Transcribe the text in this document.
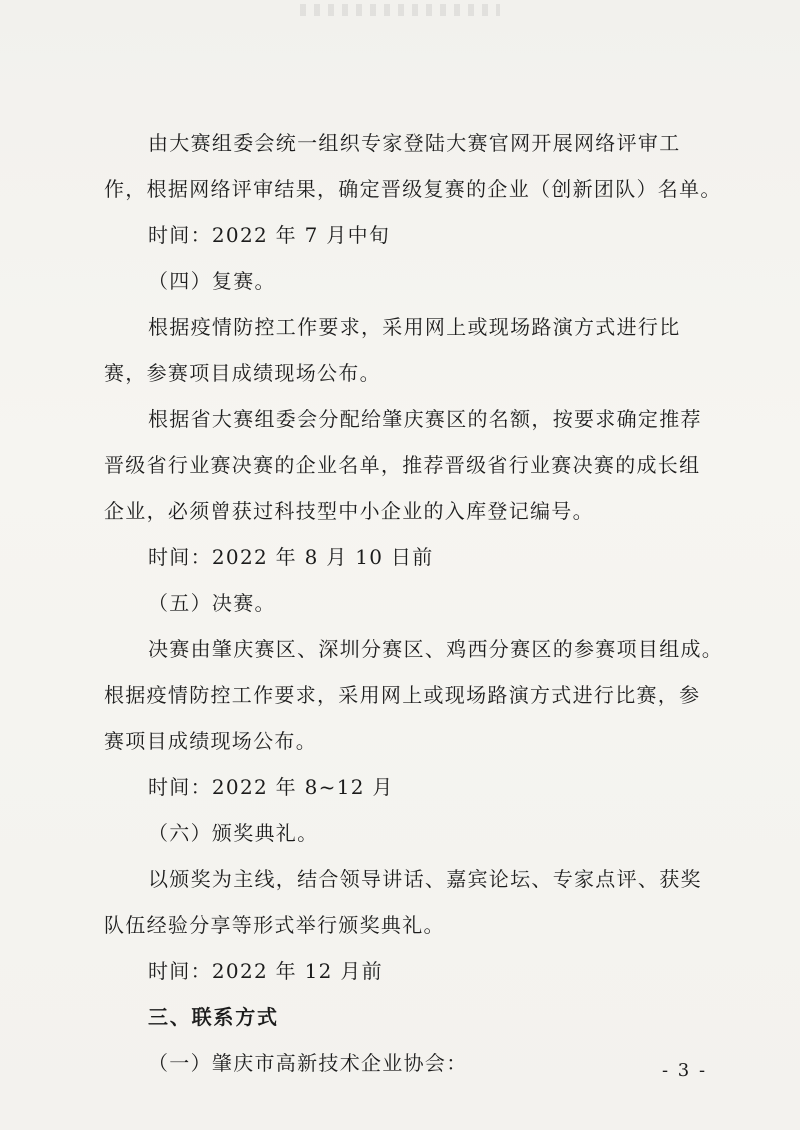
由大赛组委会统一组织专家登陆大赛官网开展网络评审工
作，根据网络评审结果，确定晋级复赛的企业（创新团队）名单。
时间：2022 年 7 月中旬
（四）复赛。
根据疫情防控工作要求，采用网上或现场路演方式进行比
赛，参赛项目成绩现场公布。
根据省大赛组委会分配给肇庆赛区的名额，按要求确定推荐
晋级省行业赛决赛的企业名单，推荐晋级省行业赛决赛的成长组
企业，必须曾获过科技型中小企业的入库登记编号。
时间：2022 年 8 月 10 日前
（五）决赛。
决赛由肇庆赛区、深圳分赛区、鸡西分赛区的参赛项目组成。
根据疫情防控工作要求，采用网上或现场路演方式进行比赛，参
赛项目成绩现场公布。
时间：2022 年 8~12 月
（六）颁奖典礼。
以颁奖为主线，结合领导讲话、嘉宾论坛、专家点评、获奖
队伍经验分享等形式举行颁奖典礼。
时间：2022 年 12 月前
三、联系方式
（一）肇庆市高新技术企业协会：	- 3 -
